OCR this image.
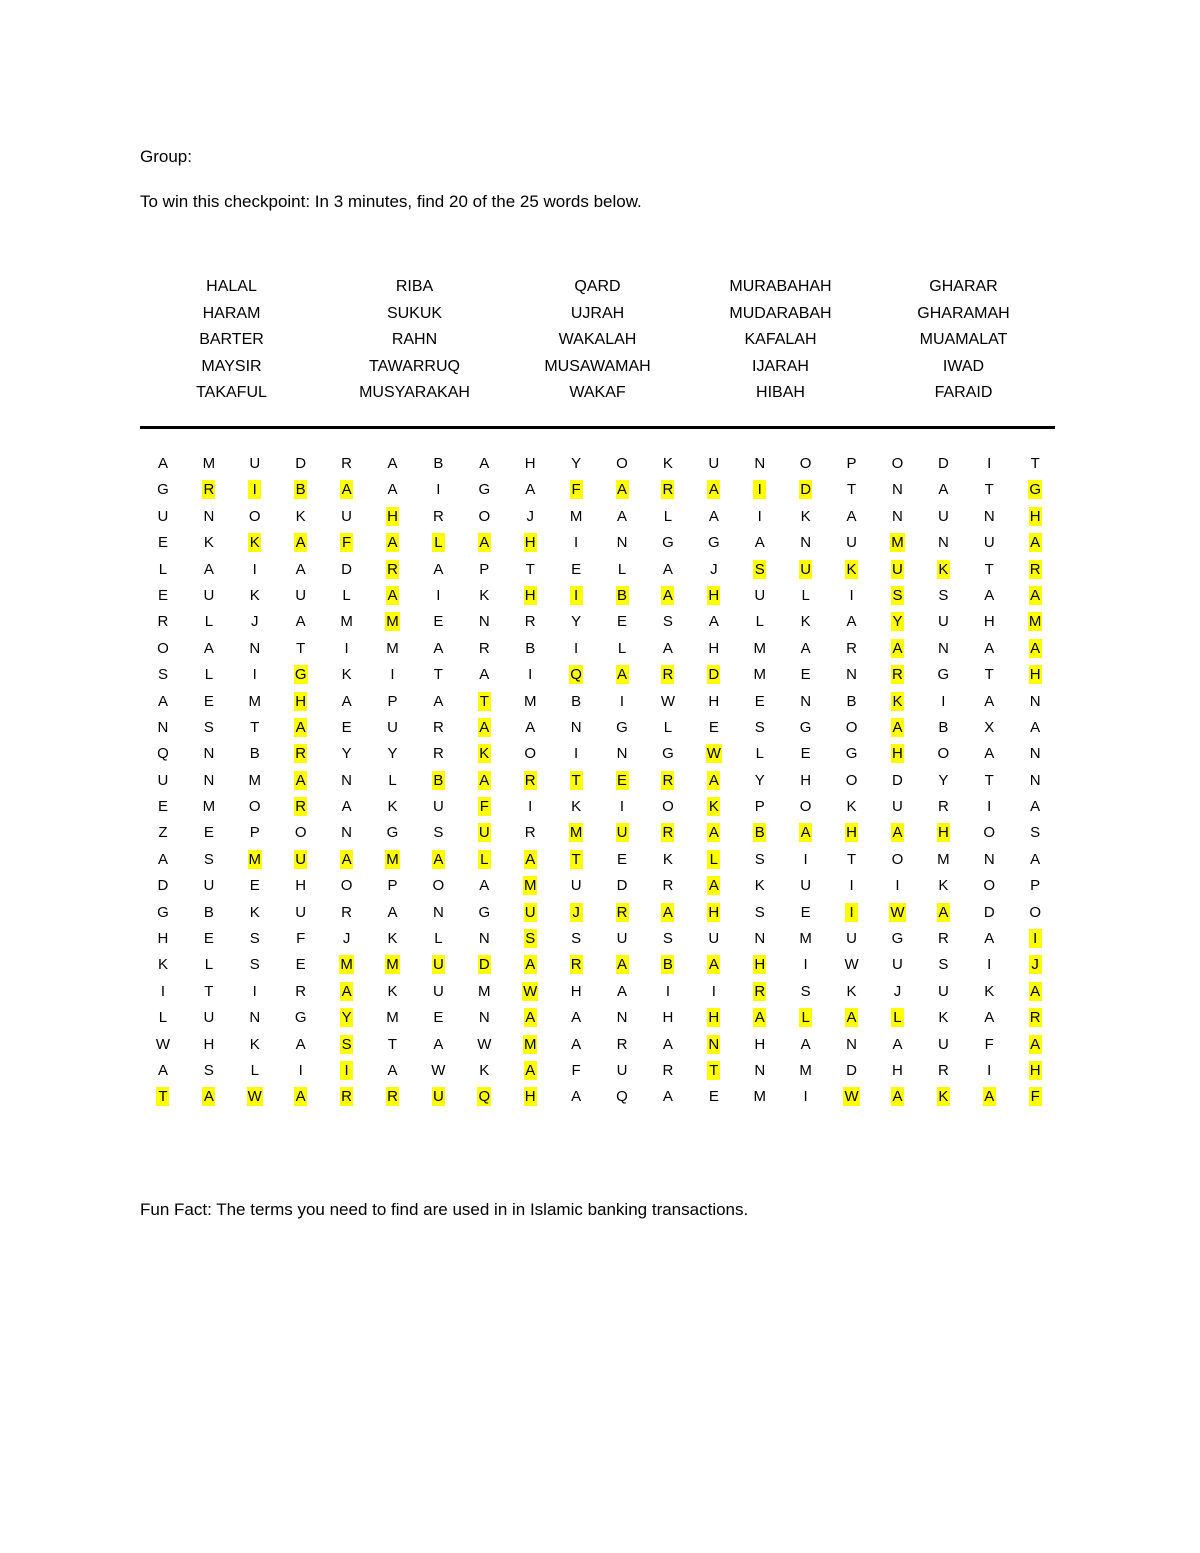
Group:
To win this checkpoint: In 3 minutes, find 20 of the 25 words below.
HALAL
HARAM
BARTER
MAYSIR
TAKAFUL
RIBA
SUKUK
RAHN
TAWARRUQ
MUSYARAKAH
QARD
UJRAH
WAKALAH
MUSAWAMAH
WAKAF
MURABAHAH
MUDARABAH
KAFALAH
IJARAH
HIBAH
GHARAR
GHARAMAH
MUAMALAT
IWAD
FARAID
A M U D R A B A H Y O K U N O P O D	I	T
G R	I	B A A	I	G A F A R A	I	D T N A T G
U N O K U H R O J M A L A	I	K A N U N H
E K K A F A L A H	I	N G G A N U M N U A
L A	I	A D R A P T E L A J S U K U K T R
E U K U L A	I	K H	I	B A H U L	I	S S A A
R L	J A M M E N R Y E S A L K A Y U H M
O A N T	I	M A R B	I	L A H M A R A N A A
S L	I	G K	I	T A	I	Q A R D M E N R G T H
A E M H A P A T M B	I W H E N B K	I	A N
N S T A E U R A A N G L E S G O A B X A
Q N B R Y Y R K O	I	N G W L E G H O A N
U N M A N L B A R T E R A Y H O D Y T N
E M O R A K U F	I	K	I	O K P O K U R	I	A
Z E P O N G S U R M U R A B A H A H O S
A S M U A M A L A T E K L S	I	T O M N A
D U E H O P O A M U D R A K U	I	I	K O P
G B K U R A N G U J R A H S E	I W A D O
H E S F	J K L N S S U S U N M U G R A	I
K L S E M M U D A R A B A H	I W U S	I	J
I	T	I	R A K U M W H A	I	I	R S K J U K A
L U N G Y M E N A A N H H A L A L K A R
W H K A S T A W M A R A N H A N A U F A
A S L	I	I	A W K A F U R T N M D H R	I	H
T A W A R R U Q H A Q A E M	I W A K A F
Fun Fact: The terms you need to find are used in in Islamic banking transactions.
